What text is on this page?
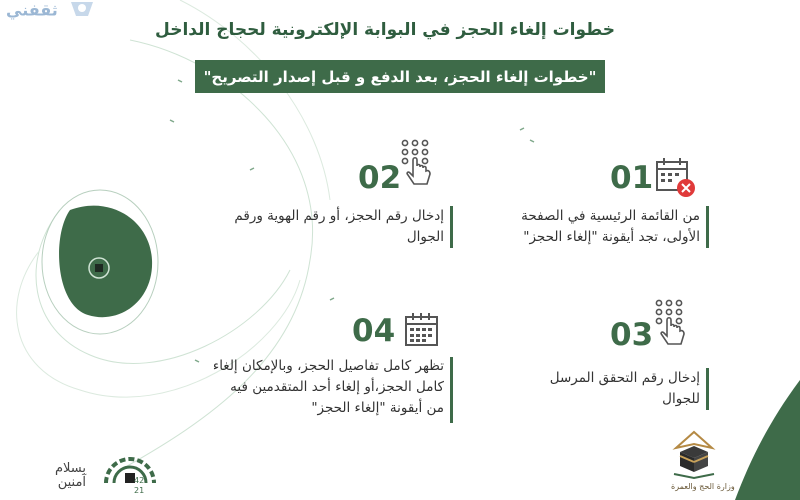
ثقفني
خطوات إلغاء الحجز في البوابة الإلكترونية لحجاج الداخل
"خطوات إلغاء الحجز، بعد الدفع و قبل إصدار التصريح"
01
من القائمة الرئيسية في الصفحة
الأولى، تجد أيقونة "إلغاء الحجز"
02
إدخال رقم الحجز، أو رقم الهوية ورقم
الجوال
03
إدخال رقم التحقق المرسل
للجوال
04
تظهر كامل تفاصيل الحجز، وبالإمكان إلغاء
كامل الحجز،أو إلغاء أحد المتقدمين فيه
من أيقونة "إلغاء الحجز"
42
21
بسلام
آمنين	وزارة الحج والعمرة
